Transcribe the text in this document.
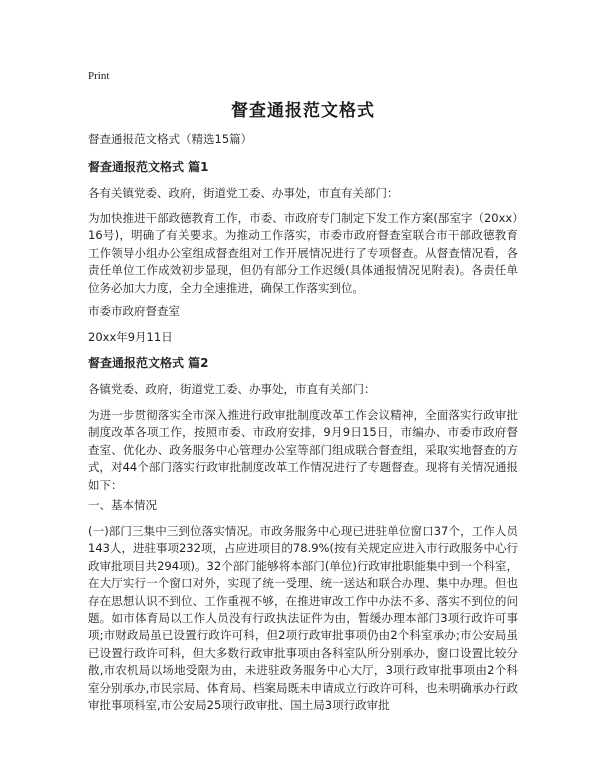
Print
督查通报范文格式

督查通报范文格式（精选15篇）

督查通报范文格式 篇1

各有关镇党委、政府，街道党工委、办事处，市直有关部门：

为加快推进干部政德教育工作，市委、市政府专门制定下发工作方案(郚室字（20xx）16号)，明确了有关要求。为推动工作落实，市委市政府督查室联合市干部政德教育工作领导小组办公室组成督查组对工作开展情况进行了专项督查。从督查情况看，各责任单位工作成效初步显现，但仍有部分工作迟缓(具体通报情况见附表)。各责任单位务必加大力度，全力全速推进，确保工作落实到位。

市委市政府督查室

20xx年9月11日

督查通报范文格式 篇2

各镇党委、政府，街道党工委、办事处，市直有关部门：

为进一步贯彻落实全市深入推进行政审批制度改革工作会议精神，全面落实行政审批制度改革各项工作，按照市委、市政府安排，9月9日15日，市编办、市委市政府督查室、优化办、政务服务中心管理办公室等部门组成联合督查组，采取实地督查的方式，对44个部门落实行政审批制度改革工作情况进行了专题督查。现将有关情况通报如下：

一、基本情况

(一)部门三集中三到位落实情况。市政务服务中心现已进驻单位窗口37个，工作人员143人，进驻事项232项，占应进项目的78.9%(按有关规定应进入市行政服务中心行政审批项目共294项)。32个部门能够将本部门(单位)行政审批职能集中到一个科室，在大厅实行一个窗口对外，实现了统一受理、统一送达和联合办理、集中办理。但也存在思想认识不到位、工作重视不够，在推进审改工作中办法不多、落实不到位的问题。如市体育局以工作人员没有行政执法证件为由，暂缓办理本部门3项行政许可事项;市财政局虽已设置行政许可科，但2项行政审批事项仍由2个科室承办;市公安局虽已设置行政许可科，但大多数行政审批事项由各科室队所分别承办，窗口设置比较分散,市农机局以场地受限为由，未进驻政务服务中心大厅，3项行政审批事项由2个科室分别承办,市民宗局、体育局、档案局既未申请成立行政许可科，也未明确承办行政审批事项科室,市公安局25项行政审批、国土局3项行政审批
